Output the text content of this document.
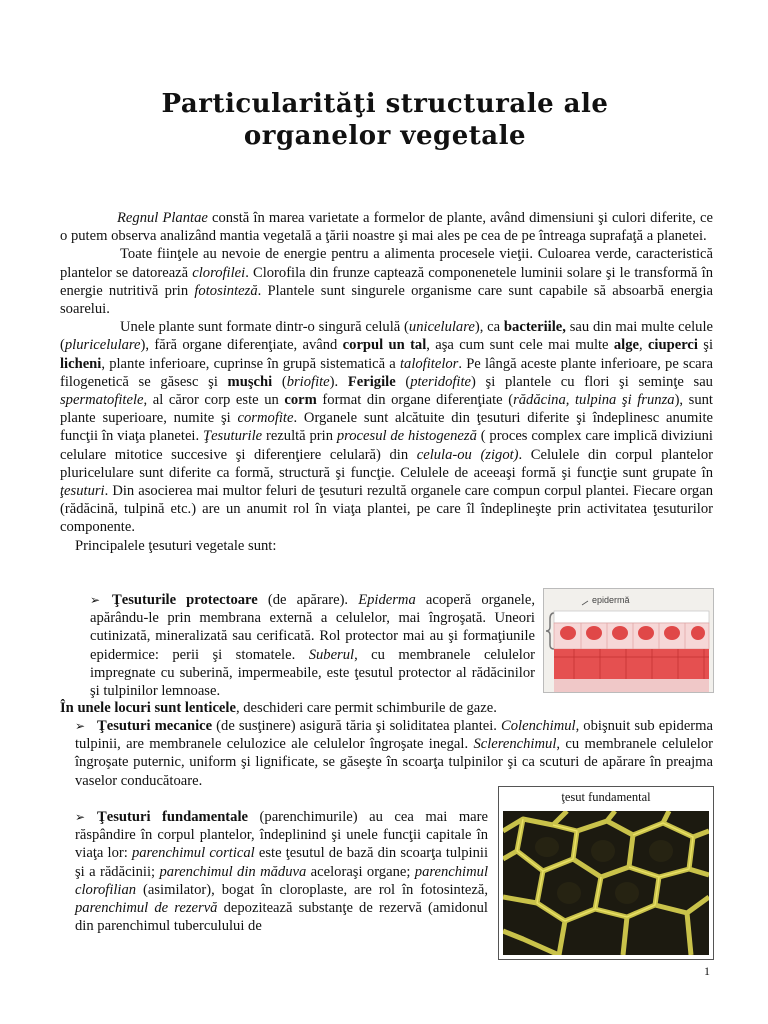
Particularităţi structurale ale
organelor vegetale

Regnul Plantae constă în marea varietate a formelor de plante, având dimensiuni şi culori diferite, ce o putem observa analizând mantia vegetală a ţării noastre şi mai ales pe cea de pe întreaga suprafaţă a planetei.

Toate fiinţele au nevoie de energie pentru a alimenta procesele vieţii. Culoarea verde, caracteristică plantelor se datorează clorofilei. Clorofila din frunze captează componenetele luminii solare şi le transformă în energie nutritivă prin fotosinteză. Plantele sunt singurele organisme care sunt capabile să absoarbă energia soarelui.

Unele plante sunt formate dintr-o singură celulă (unicelulare), ca bacteriile, sau din mai multe celule (pluricelulare), fără organe diferenţiate, având corpul un tal, aşa cum sunt cele mai multe alge, ciuperci şi licheni, plante inferioare, cuprinse în grupă sistematică a talofitelor. Pe lângă aceste plante inferioare, pe scara filogenetică se găsesc şi muşchi (briofite). Ferigile (pteridofite) şi plantele cu flori şi seminţe sau spermatofitele, al căror corp este un corm format din organe diferenţiate (rădăcina, tulpina şi frunza), sunt plante superioare, numite şi cormofite. Organele sunt alcătuite din ţesuturi diferite şi îndeplinesc anumite funcţii în viaţa planetei. Ţesuturile rezultă prin procesul de histogeneză ( proces complex care implică diviziuni celulare mitotice succesive şi diferenţiere celulară) din celula-ou (zigot). Celulele din corpul plantelor pluricelulare sunt diferite ca formă, structură şi funcţie. Celulele de aceeaşi formă şi funcţie sunt grupate în ţesuturi. Din asocierea mai multor feluri de ţesuturi rezultă organele care compun corpul plantei. Fiecare organ (rădăcină, tulpină etc.) are un anumit rol în viaţa plantei, pe care îl îndeplineşte prin activitatea ţesuturilor componente.

Principalele ţesuturi vegetale sunt:

➢ Ţesuturile protectoare (de apărare). Epiderma acoperă organele, apărându-le prin membrana externă a celulelor, mai îngroşată. Uneori cutinizată, mineralizată sau cerificată. Rol protector mai au şi formaţiunile epidermice: perii şi stomatele. Suberul, cu membranele celulelor impregnate cu suberină, impermeabile, este ţesutul protector al rădăcinilor şi tulpinilor lemnoase.

În unele locuri sunt lenticele, deschideri care permit schimburile de gaze.

➢ Ţesuturi mecanice (de susţinere) asigură tăria şi soliditatea plantei. Colenchimul, obişnuit sub epiderma tulpinii, are membranele celulozice ale celulelor îngroşate inegal. Sclerenchimul, cu membranele celulelor îngroşate puternic, uniform şi lignificate, se găseşte în scoarţa tulpinilor şi ca scuturi de apărare în preajma vaselor conducătoare.

➢ Ţesuturi fundamentale (parenchimurile) au cea mai mare răspândire în corpul plantelor, îndeplinind şi unele funcţii capitale în viaţa lor: parenchimul cortical este ţesutul de bază din scoarţa tulpinii şi a rădăcinii; parenchimul din măduva aceloraşi organe; parenchimul clorofilian (asimilator), bogat în cloroplaste, are rol în fotosinteză, parenchimul de rezervă depozitează substanţe de rezervă (amidonul din parenchimul tuberculului de

epidermă
ţesut fundamental
1
